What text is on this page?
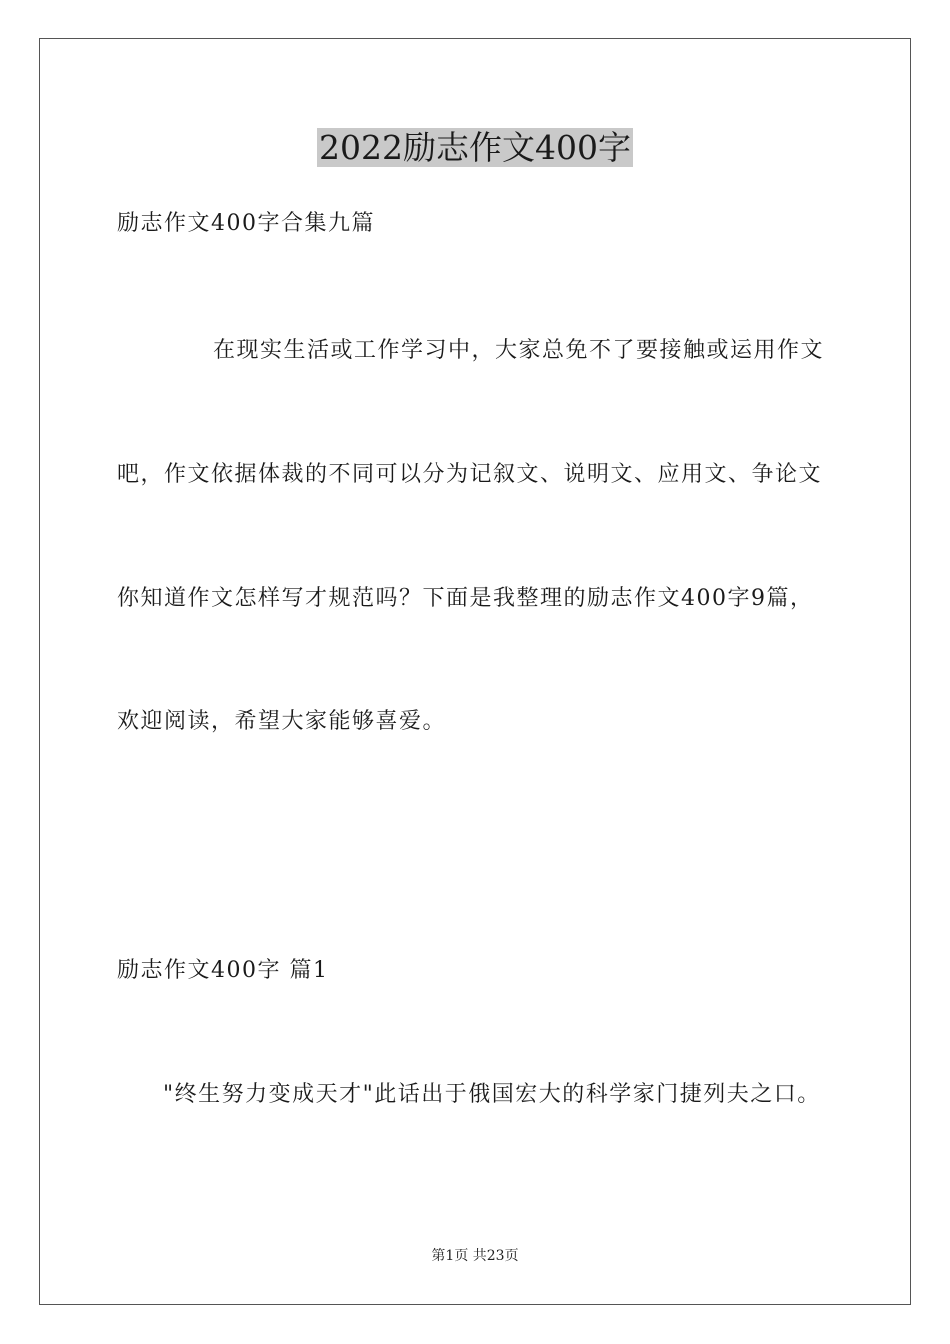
2022励志作文400字
励志作文400字合集九篇
在现实生活或工作学习中，大家总免不了要接触或运用作文
吧，作文依据体裁的不同可以分为记叙文、说明文、应用文、争论文
你知道作文怎样写才规范吗？下面是我整理的励志作文400字9篇，
欢迎阅读，希望大家能够喜爱。
励志作文400字 篇1
"终生努力变成天才"此话出于俄国宏大的科学家门捷列夫之口。
第1页 共23页
